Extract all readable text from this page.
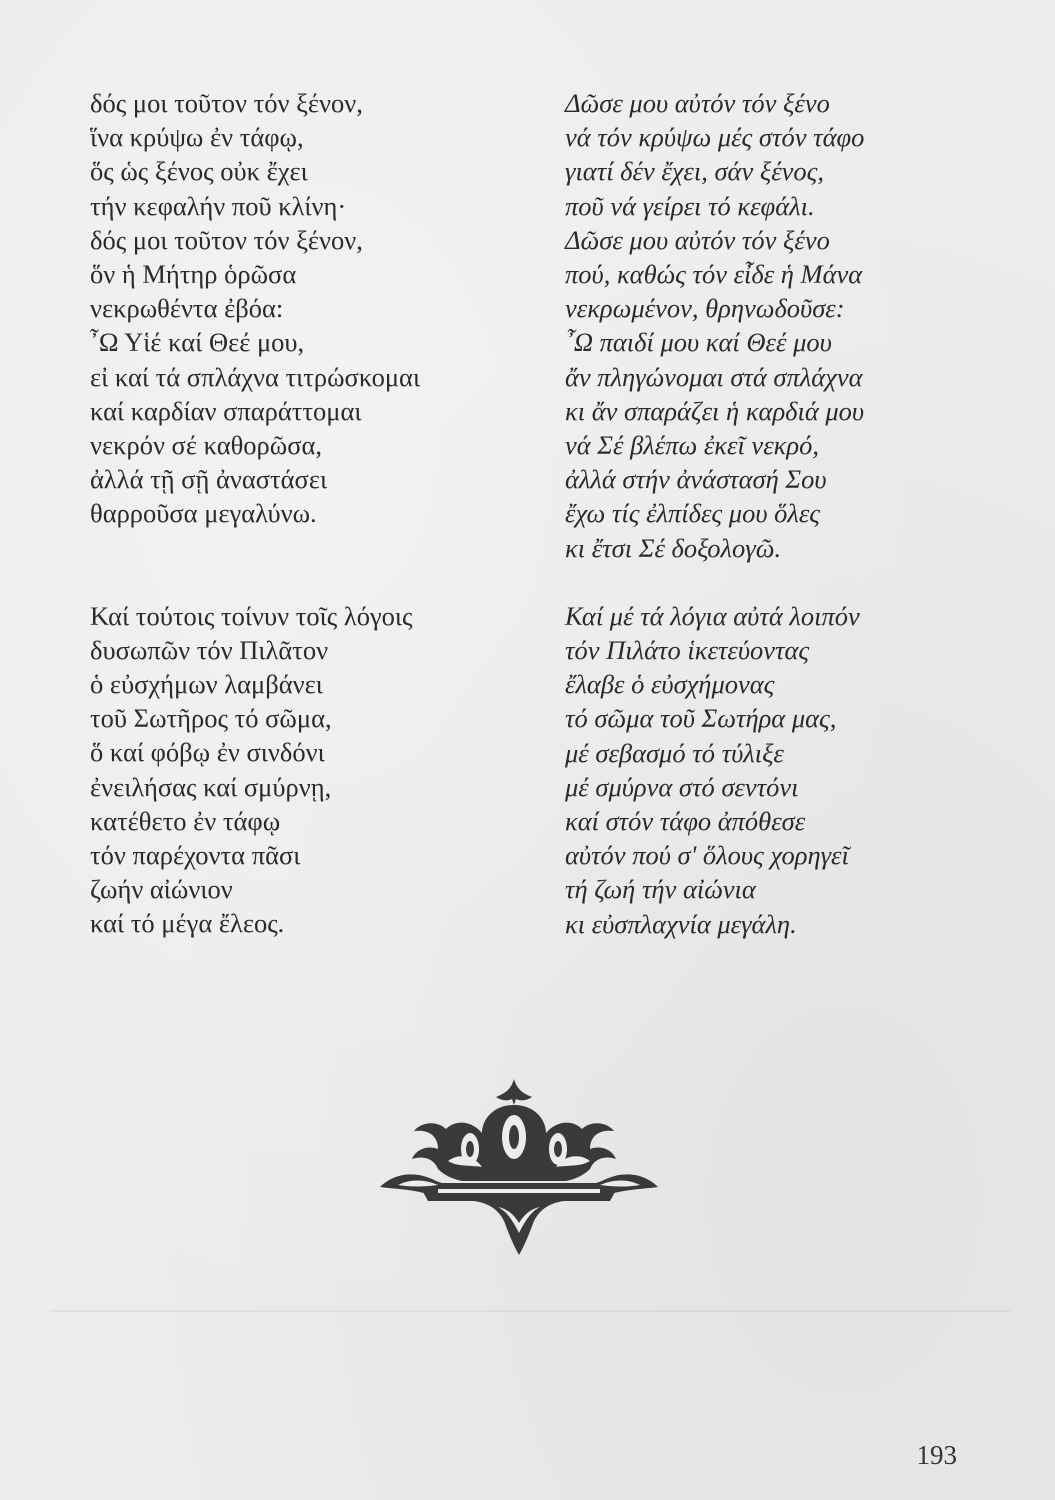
δός μοι τοῦτον τόν ξένον,
ἵνα κρύψω ἐν τάφῳ,
ὅς ὡς ξένος οὐκ ἔχει
τήν κεφαλήν ποῦ κλίνη·
δός μοι τοῦτον τόν ξένον,
ὅν ἡ Μήτηρ ὁρῶσα
νεκρωθέντα ἐβόα:
῏Ω Υἱέ καί Θεέ μου,
εἰ καί τά σπλάχνα τιτρώσκομαι
καί καρδίαν σπαράττομαι
νεκρόν σέ καθορῶσα,
ἀλλά τῇ σῇ ἀναστάσει
θαρροῦσα μεγαλύνω.
Καί τούτοις τοίνυν τοῖς λόγοις
δυσωπῶν τόν Πιλᾶτον
ὁ εὐσχήμων λαμβάνει
τοῦ Σωτῆρος τό σῶμα,
ὅ καί φόβῳ ἐν σινδόνι
ἐνειλήσας καί σμύρνῃ,
κατέθετο ἐν τάφῳ
τόν παρέχοντα πᾶσι
ζωήν αἰώνιον
καί τό μέγα ἔλεος.
Δῶσε μου αὐτόν τόν ξένο
νά τόν κρύψω μές στόν τάφο
γιατί δέν ἔχει, σάν ξένος,
ποῦ νά γείρει τό κεφάλι.
Δῶσε μου αὐτόν τόν ξένο
πού, καθώς τόν εἶδε ἡ Μάνα
νεκρωμένον, θρηνωδοῦσε:
῏Ω παιδί μου καί Θεέ μου
ἄν πληγώνομαι στά σπλάχνα
κι ἄν σπαράζει ἡ καρδιά μου
νά Σέ βλέπω ἐκεῖ νεκρό,
ἀλλά στήν ἀνάστασή Σου
ἔχω τίς ἐλπίδες μου ὅλες
κι ἔτσι Σέ δοξολογῶ.
Καί μέ τά λόγια αὐτά λοιπόν
τόν Πιλάτο ἱκετεύοντας
ἔλαβε ὁ εὐσχήμονας
τό σῶμα τοῦ Σωτήρα μας,
μέ σεβασμό τό τύλιξε
μέ σμύρνα στό σεντόνι
καί στόν τάφο ἀπόθεσε
αὐτόν πού σ' ὅλους χορηγεῖ
τή ζωή τήν αἰώνια
κι εὐσπλαχνία μεγάλη.
193
